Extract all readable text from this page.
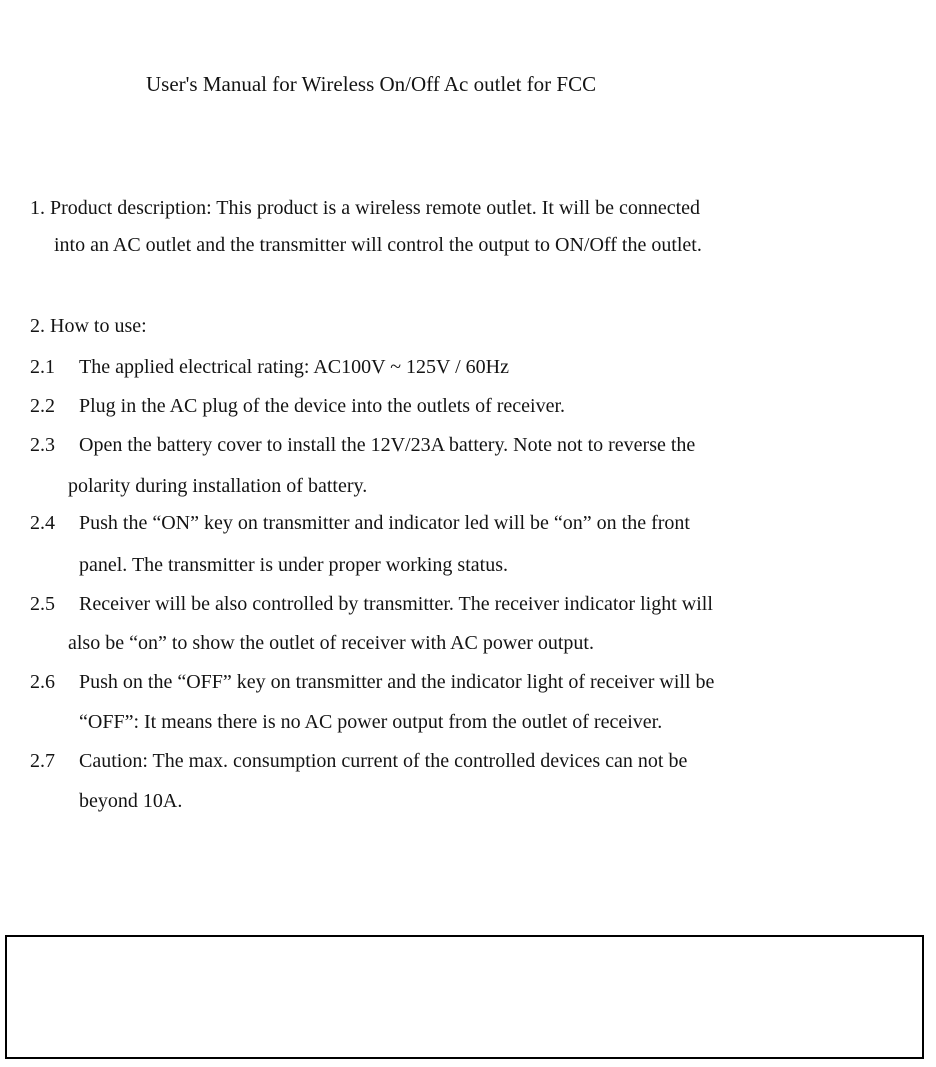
User's Manual for Wireless On/Off Ac outlet for FCC
1. Product description: This product is a wireless remote outlet. It will be connected
into an AC outlet and the transmitter will control the output to ON/Off the outlet.
2. How to use:
2.1 The applied electrical rating: AC100V ~ 125V / 60Hz
2.2 Plug in the AC plug of the device into the outlets of receiver.
2.3 Open the battery cover to install the 12V/23A battery. Note not to reverse the
polarity during installation of battery.
2.4 Push the “ON” key on transmitter and indicator led will be “on” on the front
panel. The transmitter is under proper working status.
2.5 Receiver will be also controlled by transmitter. The receiver indicator light will
also be “on” to show the outlet of receiver with AC power output.
2.6 Push on the “OFF” key on transmitter and the indicator light of receiver will be
“OFF”: It means there is no AC power output from the outlet of receiver.
2.7 Caution: The max. consumption current of the controlled devices can not be
beyond 10A.
